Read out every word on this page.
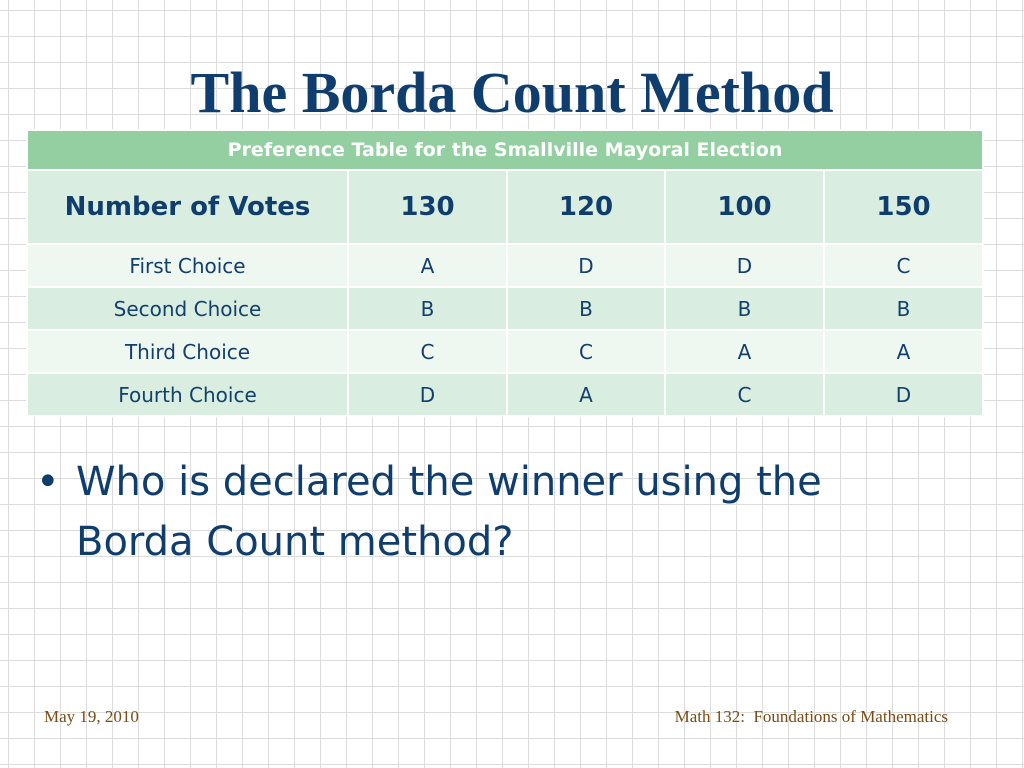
The Borda Count Method
Preference Table for the Smallville Mayoral Election				
Number of Votes	130	120	100	150
First Choice	A	D	D	C
Second Choice	B	B	B	B
Third Choice	C	C	A	A
Fourth Choice	D	A	C	D
• Who is declared the winner using the Borda Count method?
May 19, 2010	Math 132:  Foundations of Mathematics
